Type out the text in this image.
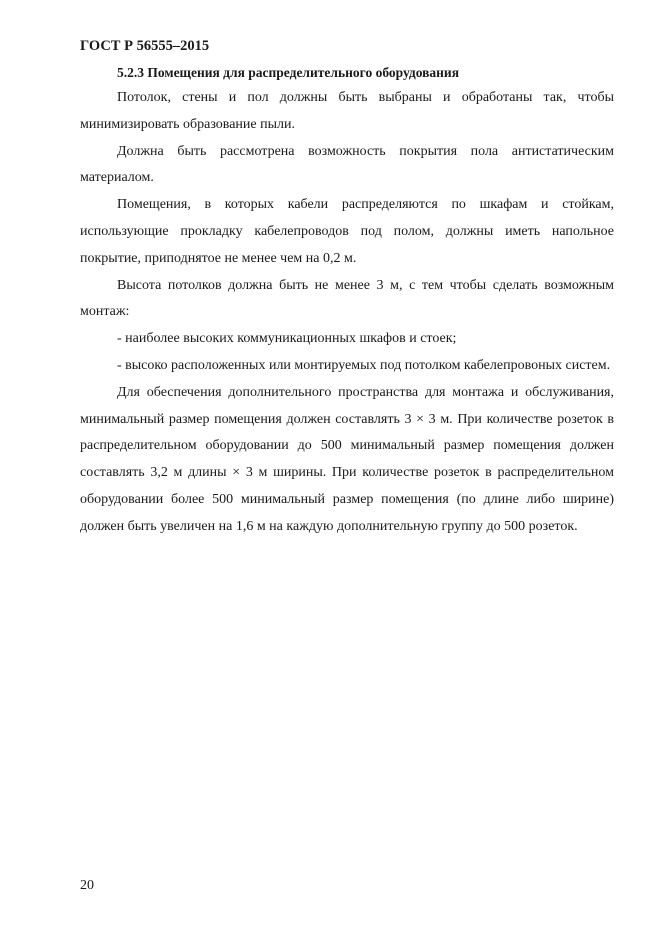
ГОСТ Р 56555–2015

5.2.3 Помещения для распределительного оборудования

Потолок, стены и пол должны быть выбраны и обработаны так, чтобы минимизировать образование пыли.

Должна быть рассмотрена возможность покрытия пола антистатическим материалом.

Помещения, в которых кабели распределяются по шкафам и стойкам, использующие прокладку кабелепроводов под полом, должны иметь напольное покрытие, приподнятое не менее чем на 0,2 м.

Высота потолков должна быть не менее 3 м, с тем чтобы сделать возможным монтаж:

- наиболее высоких коммуникационных шкафов и стоек;

- высоко расположенных или монтируемых под потолком кабелепровоных систем.

Для обеспечения дополнительного пространства для монтажа и обслуживания, минимальный размер помещения должен составлять 3 × 3 м. При количестве розеток в распределительном оборудовании до 500 минимальный размер помещения должен составлять 3,2 м длины × 3 м ширины. При количестве розеток в распределительном оборудовании более 500 минимальный размер помещения (по длине либо ширине) должен быть увеличен на 1,6 м на каждую дополнительную группу до 500 розеток.

20
